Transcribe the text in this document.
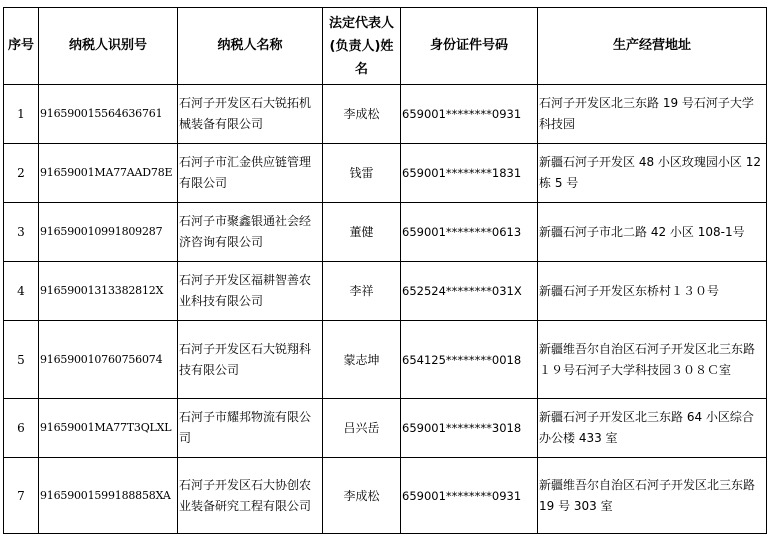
序号	纳税人识别号	纳税人名称	法定代表人(负责人)姓名	身份证件号码	生产经营地址
1	916590015564636761	石河子开发区石大锐拓机械装备有限公司	李成松	659001********0931	石河子开发区北三东路 19 号石河子大学科技园
2	91659001MA77AAD78E	石河子市汇金供应链管理有限公司	钱雷	659001********1831	新疆石河子开发区 48 小区玫瑰园小区 12 栋 5 号
3	916590010991809287	石河子市聚鑫银通社会经济咨询有限公司	董健	659001********0613	新疆石河子市北二路 42 小区 108-1号
4	91659001313382812X	石河子开发区福耕智善农业科技有限公司	李祥	652524********031X	新疆石河子开发区东桥村１３０号
5	916590010760756074	石河子开发区石大锐翔科技有限公司	蒙志坤	654125********0018	新疆维吾尔自治区石河子开发区北三东路１９号石河子大学科技园３０８Ｃ室
6	91659001MA77T3QLXL	石河子市耀邦物流有限公司	吕兴岳	659001********3018	新疆石河子开发区北三东路 64 小区综合办公楼 433 室
7	91659001599188858XA	石河子开发区石大协创农业装备研究工程有限公司	李成松	659001********0931	新疆维吾尔自治区石河子开发区北三东路 19 号 303 室
